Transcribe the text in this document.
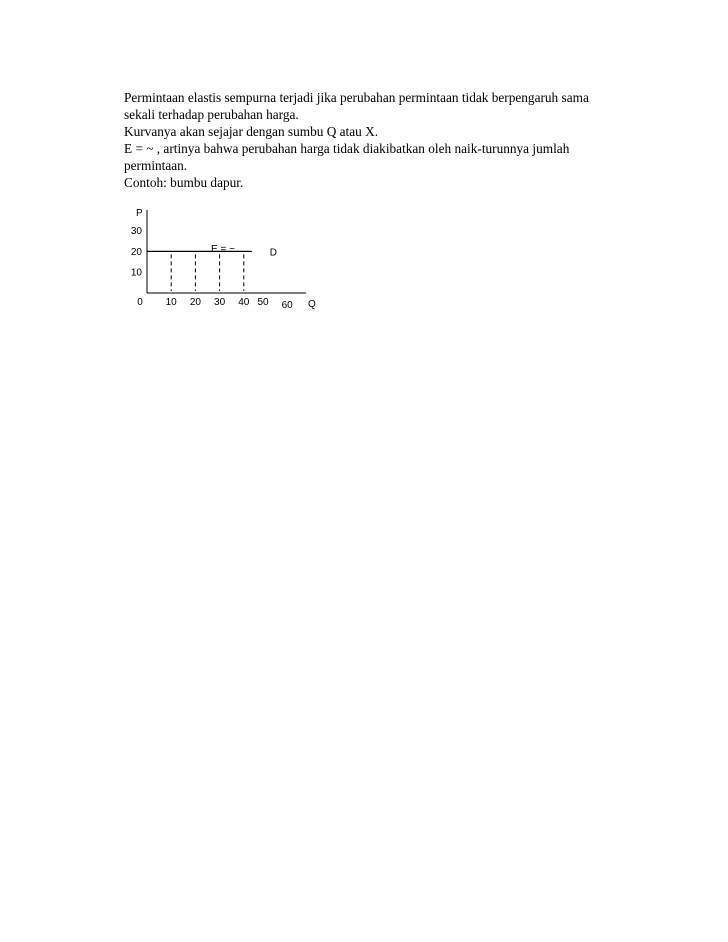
Permintaan elastis sempurna terjadi jika perubahan permintaan tidak berpengaruh sama
sekali terhadap perubahan harga.
Kurvanya akan sejajar dengan sumbu Q atau X.
E = ~ , artinya bahwa perubahan harga tidak diakibatkan oleh naik-turunnya jumlah
permintaan.
Contoh: bumbu dapur.
P
Q
10
20
30
0 10 20 30 40 50 60
D
E = ~
